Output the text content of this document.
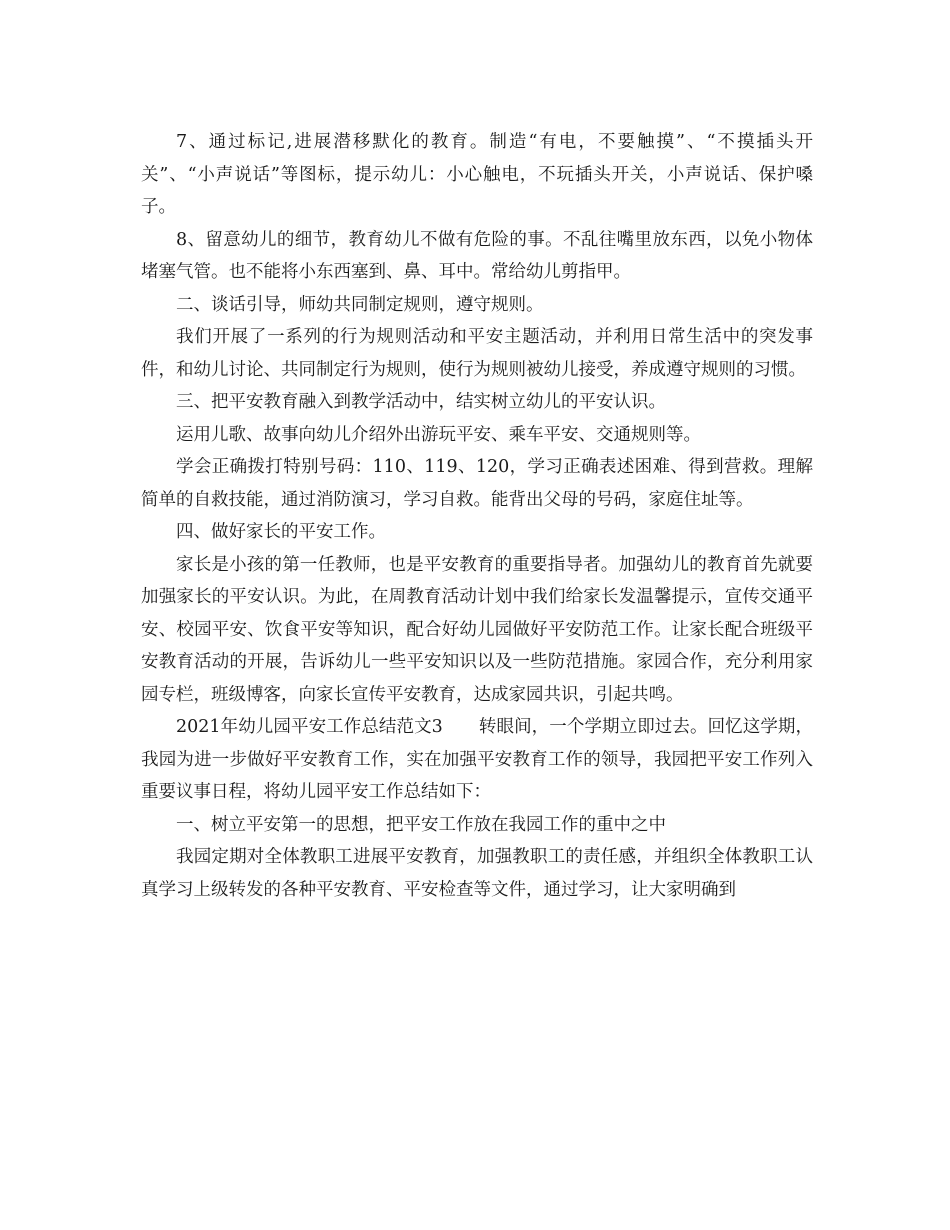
7、通过标记,进展潜移默化的教育。制造“有电，不要触摸”、“不摸插头开关”、“小声说话”等图标，提示幼儿：小心触电，不玩插头开关，小声说话、保护嗓子。

8、留意幼儿的细节，教育幼儿不做有危险的事。不乱往嘴里放东西，以免小物体堵塞气管。也不能将小东西塞到、鼻、耳中。常给幼儿剪指甲。

二、谈话引导，师幼共同制定规则，遵守规则。

我们开展了一系列的行为规则活动和平安主题活动，并利用日常生活中的突发事件，和幼儿讨论、共同制定行为规则，使行为规则被幼儿接受，养成遵守规则的习惯。

三、把平安教育融入到教学活动中，结实树立幼儿的平安认识。

运用儿歌、故事向幼儿介绍外出游玩平安、乘车平安、交通规则等。

学会正确拨打特别号码：110、119、120，学习正确表述困难、得到营救。理解简单的自救技能，通过消防演习，学习自救。能背出父母的号码，家庭住址等。

四、做好家长的平安工作。

家长是小孩的第一任教师，也是平安教育的重要指导者。加强幼儿的教育首先就要加强家长的平安认识。为此，在周教育活动计划中我们给家长发温馨提示，宣传交通平安、校园平安、饮食平安等知识，配合好幼儿园做好平安防范工作。让家长配合班级平安教育活动的开展，告诉幼儿一些平安知识以及一些防范措施。家园合作，充分利用家园专栏，班级博客，向家长宣传平安教育，达成家园共识，引起共鸣。

2021年幼儿园平安工作总结范文3 转眼间，一个学期立即过去。回忆这学期，我园为进一步做好平安教育工作，实在加强平安教育工作的领导，我园把平安工作列入重要议事日程，将幼儿园平安工作总结如下：

一、树立平安第一的思想，把平安工作放在我园工作的重中之中

我园定期对全体教职工进展平安教育，加强教职工的责任感，并组织全体教职工认真学习上级转发的各种平安教育、平安检查等文件，通过学习，让大家明确到
